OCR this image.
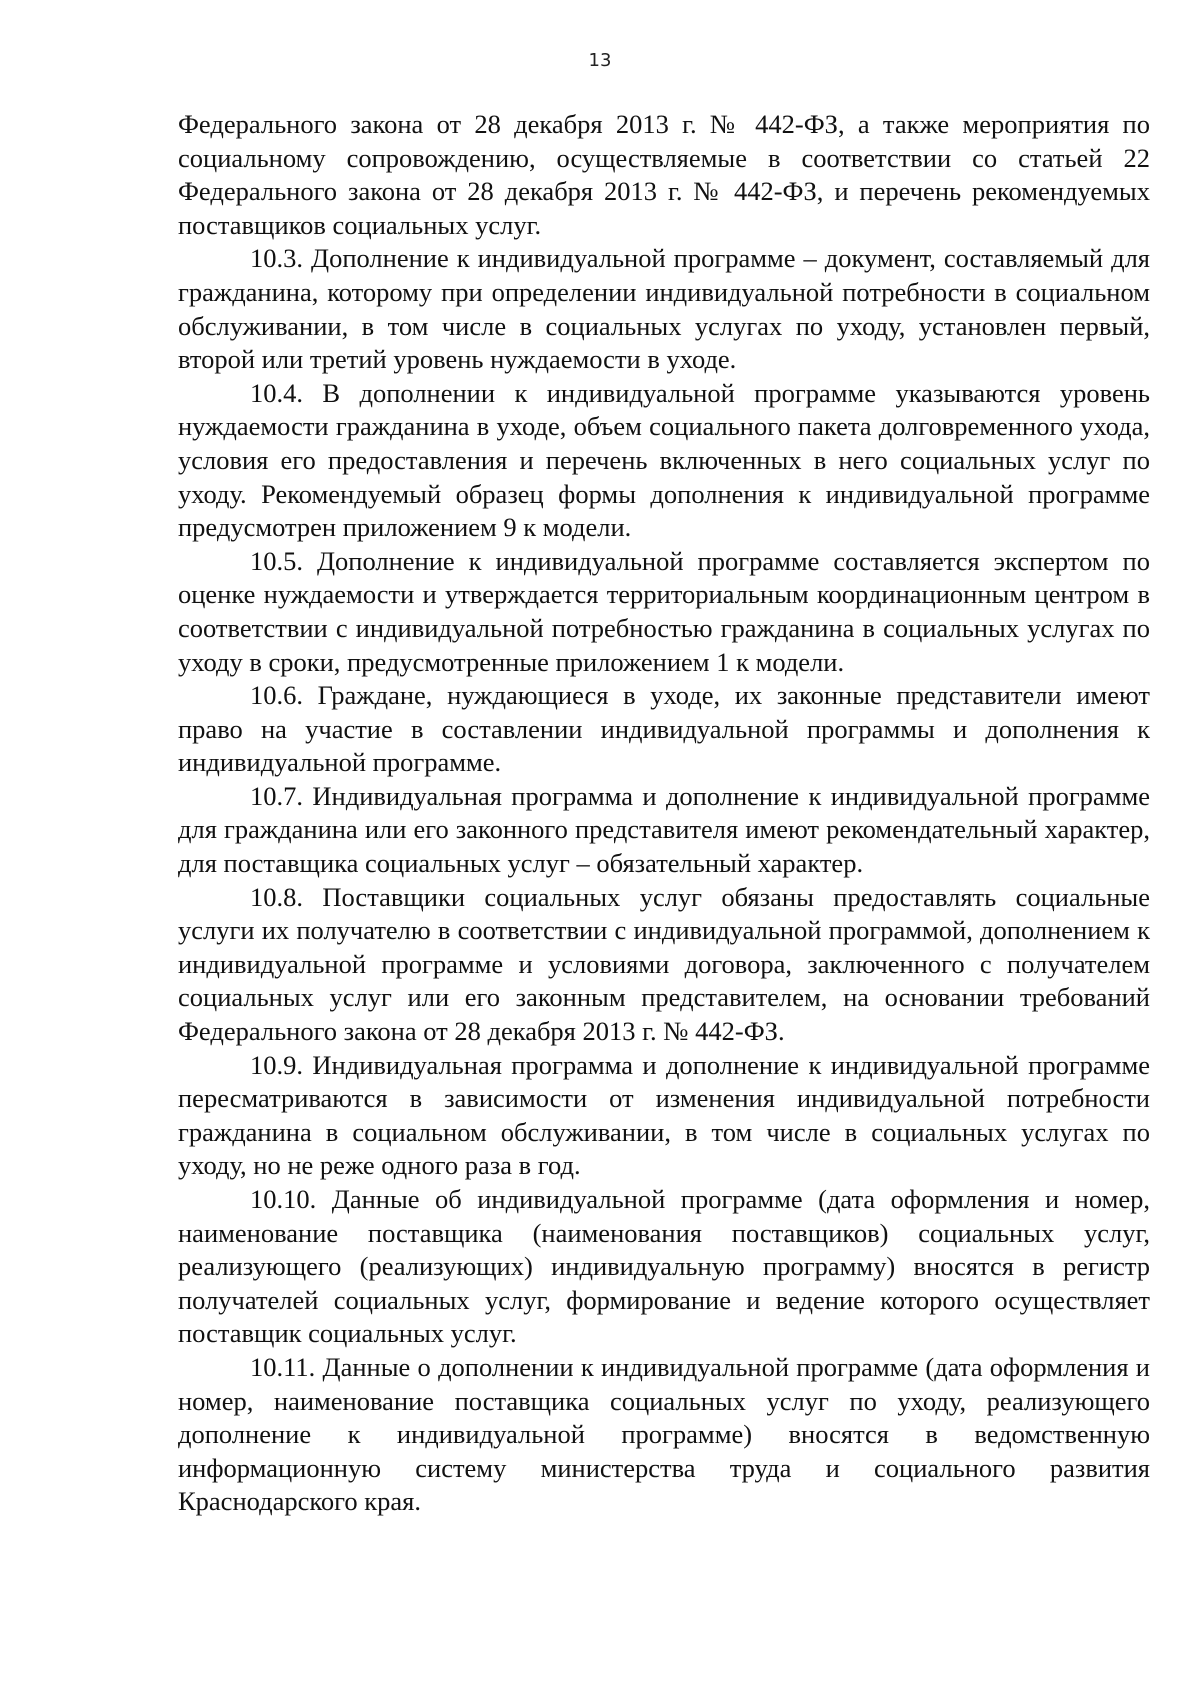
13

Федерального закона от 28 декабря 2013 г. № 442-ФЗ, а также мероприятия по социальному сопровождению, осуществляемые в соответствии со статьей 22 Федерального закона от 28 декабря 2013 г. № 442-ФЗ, и перечень рекомендуемых поставщиков социальных услуг.

10.3. Дополнение к индивидуальной программе – документ, составляемый для гражданина, которому при определении индивидуальной потребности в социальном обслуживании, в том числе в социальных услугах по уходу, установлен первый, второй или третий уровень нуждаемости в уходе.

10.4. В дополнении к индивидуальной программе указываются уровень нуждаемости гражданина в уходе, объем социального пакета долговременного ухода, условия его предоставления и перечень включенных в него социальных услуг по уходу. Рекомендуемый образец формы дополнения к индивидуальной программе предусмотрен приложением 9 к модели.

10.5. Дополнение к индивидуальной программе составляется экспертом по оценке нуждаемости и утверждается территориальным координационным центром в соответствии с индивидуальной потребностью гражданина в социальных услугах по уходу в сроки, предусмотренные приложением 1 к модели.

10.6. Граждане, нуждающиеся в уходе, их законные представители имеют право на участие в составлении индивидуальной программы и дополнения к индивидуальной программе.

10.7. Индивидуальная программа и дополнение к индивидуальной программе для гражданина или его законного представителя имеют рекомендательный характер, для поставщика социальных услуг – обязательный характер.

10.8. Поставщики социальных услуг обязаны предоставлять социальные услуги их получателю в соответствии с индивидуальной программой, дополнением к индивидуальной программе и условиями договора, заключенного с получателем социальных услуг или его законным представителем, на основании требований Федерального закона от 28 декабря 2013 г. № 442-ФЗ.

10.9. Индивидуальная программа и дополнение к индивидуальной программе пересматриваются в зависимости от изменения индивидуальной потребности гражданина в социальном обслуживании, в том числе в социальных услугах по уходу, но не реже одного раза в год.

10.10. Данные об индивидуальной программе (дата оформления и номер, наименование поставщика (наименования поставщиков) социальных услуг, реализующего (реализующих) индивидуальную программу) вносятся в регистр получателей социальных услуг, формирование и ведение которого осуществляет поставщик социальных услуг.

10.11. Данные о дополнении к индивидуальной программе (дата оформления и номер, наименование поставщика социальных услуг по уходу, реализующего дополнение к индивидуальной программе) вносятся в ведомственную информационную систему министерства труда и социального развития Краснодарского края.
